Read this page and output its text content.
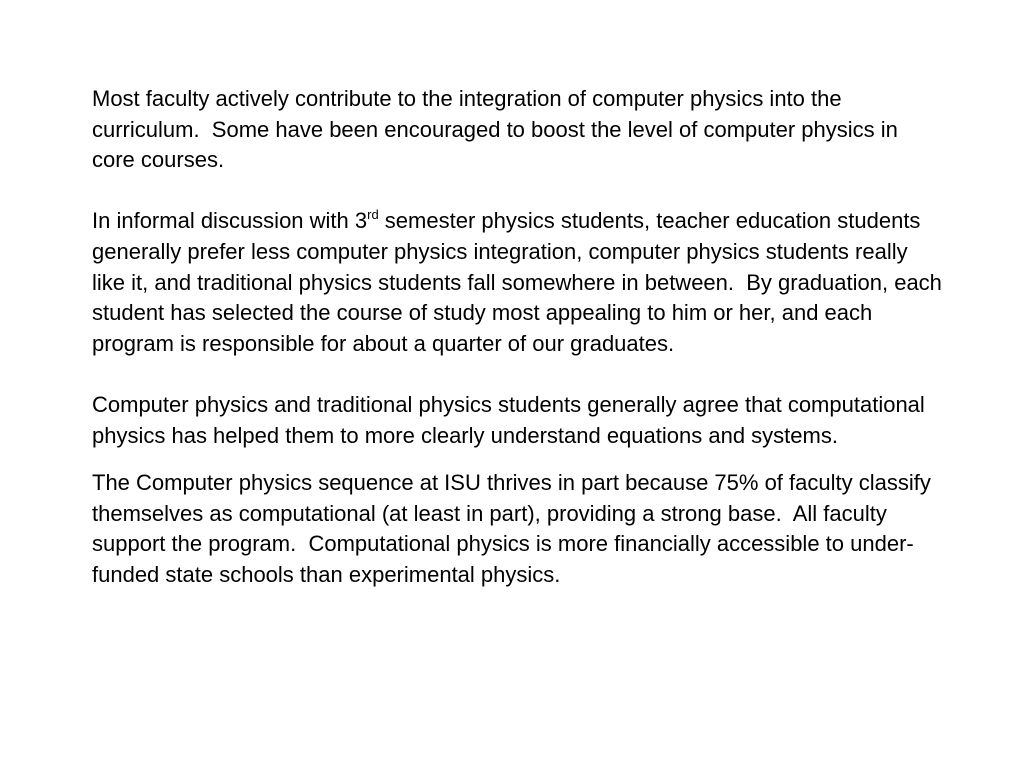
Most faculty actively contribute to the integration of computer physics into the curriculum.  Some have been encouraged to boost the level of computer physics in core courses.

In informal discussion with 3rd semester physics students, teacher education students generally prefer less computer physics integration, computer physics students really like it, and traditional physics students fall somewhere in between.  By graduation, each student has selected the course of study most appealing to him or her, and each program is responsible for about a quarter of our graduates.

Computer physics and traditional physics students generally agree that computational physics has helped them to more clearly understand equations and systems.

The Computer physics sequence at ISU thrives in part because 75% of faculty classify themselves as computational (at least in part), providing a strong base.  All faculty support the program.  Computational physics is more financially accessible to under-funded state schools than experimental physics.
